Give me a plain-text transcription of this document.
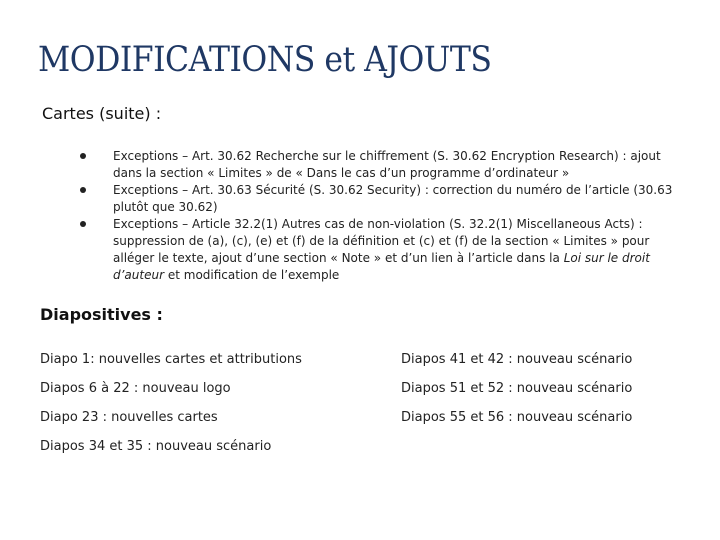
MODIFICATIONS et AJOUTS
Cartes (suite) :
Exceptions – Art. 30.62 Recherche sur le chiffrement (S. 30.62 Encryption Research) : ajout dans la section « Limites » de « Dans le cas d’un programme d’ordinateur »
Exceptions – Art. 30.63 Sécurité (S. 30.62 Security) : correction du numéro de l’article (30.63 plutôt que 30.62)
Exceptions – Article 32.2(1) Autres cas de non-violation (S. 32.2(1) Miscellaneous Acts) : suppression de (a), (c), (e) et (f) de la définition et (c) et (f) de la section « Limites » pour alléger le texte, ajout d’une section « Note » et d’un lien à l’article dans la Loi sur le droit d’auteur et modification de l’exemple
Diapositives :
Diapo 1: nouvelles cartes et attributions	Diapos 41 et 42 : nouveau scénario
Diapos 6 à 22 : nouveau logo	Diapos 51 et 52 : nouveau scénario
Diapo 23 : nouvelles cartes	Diapos 55 et 56 : nouveau scénario
Diapos 34 et 35 : nouveau scénario
